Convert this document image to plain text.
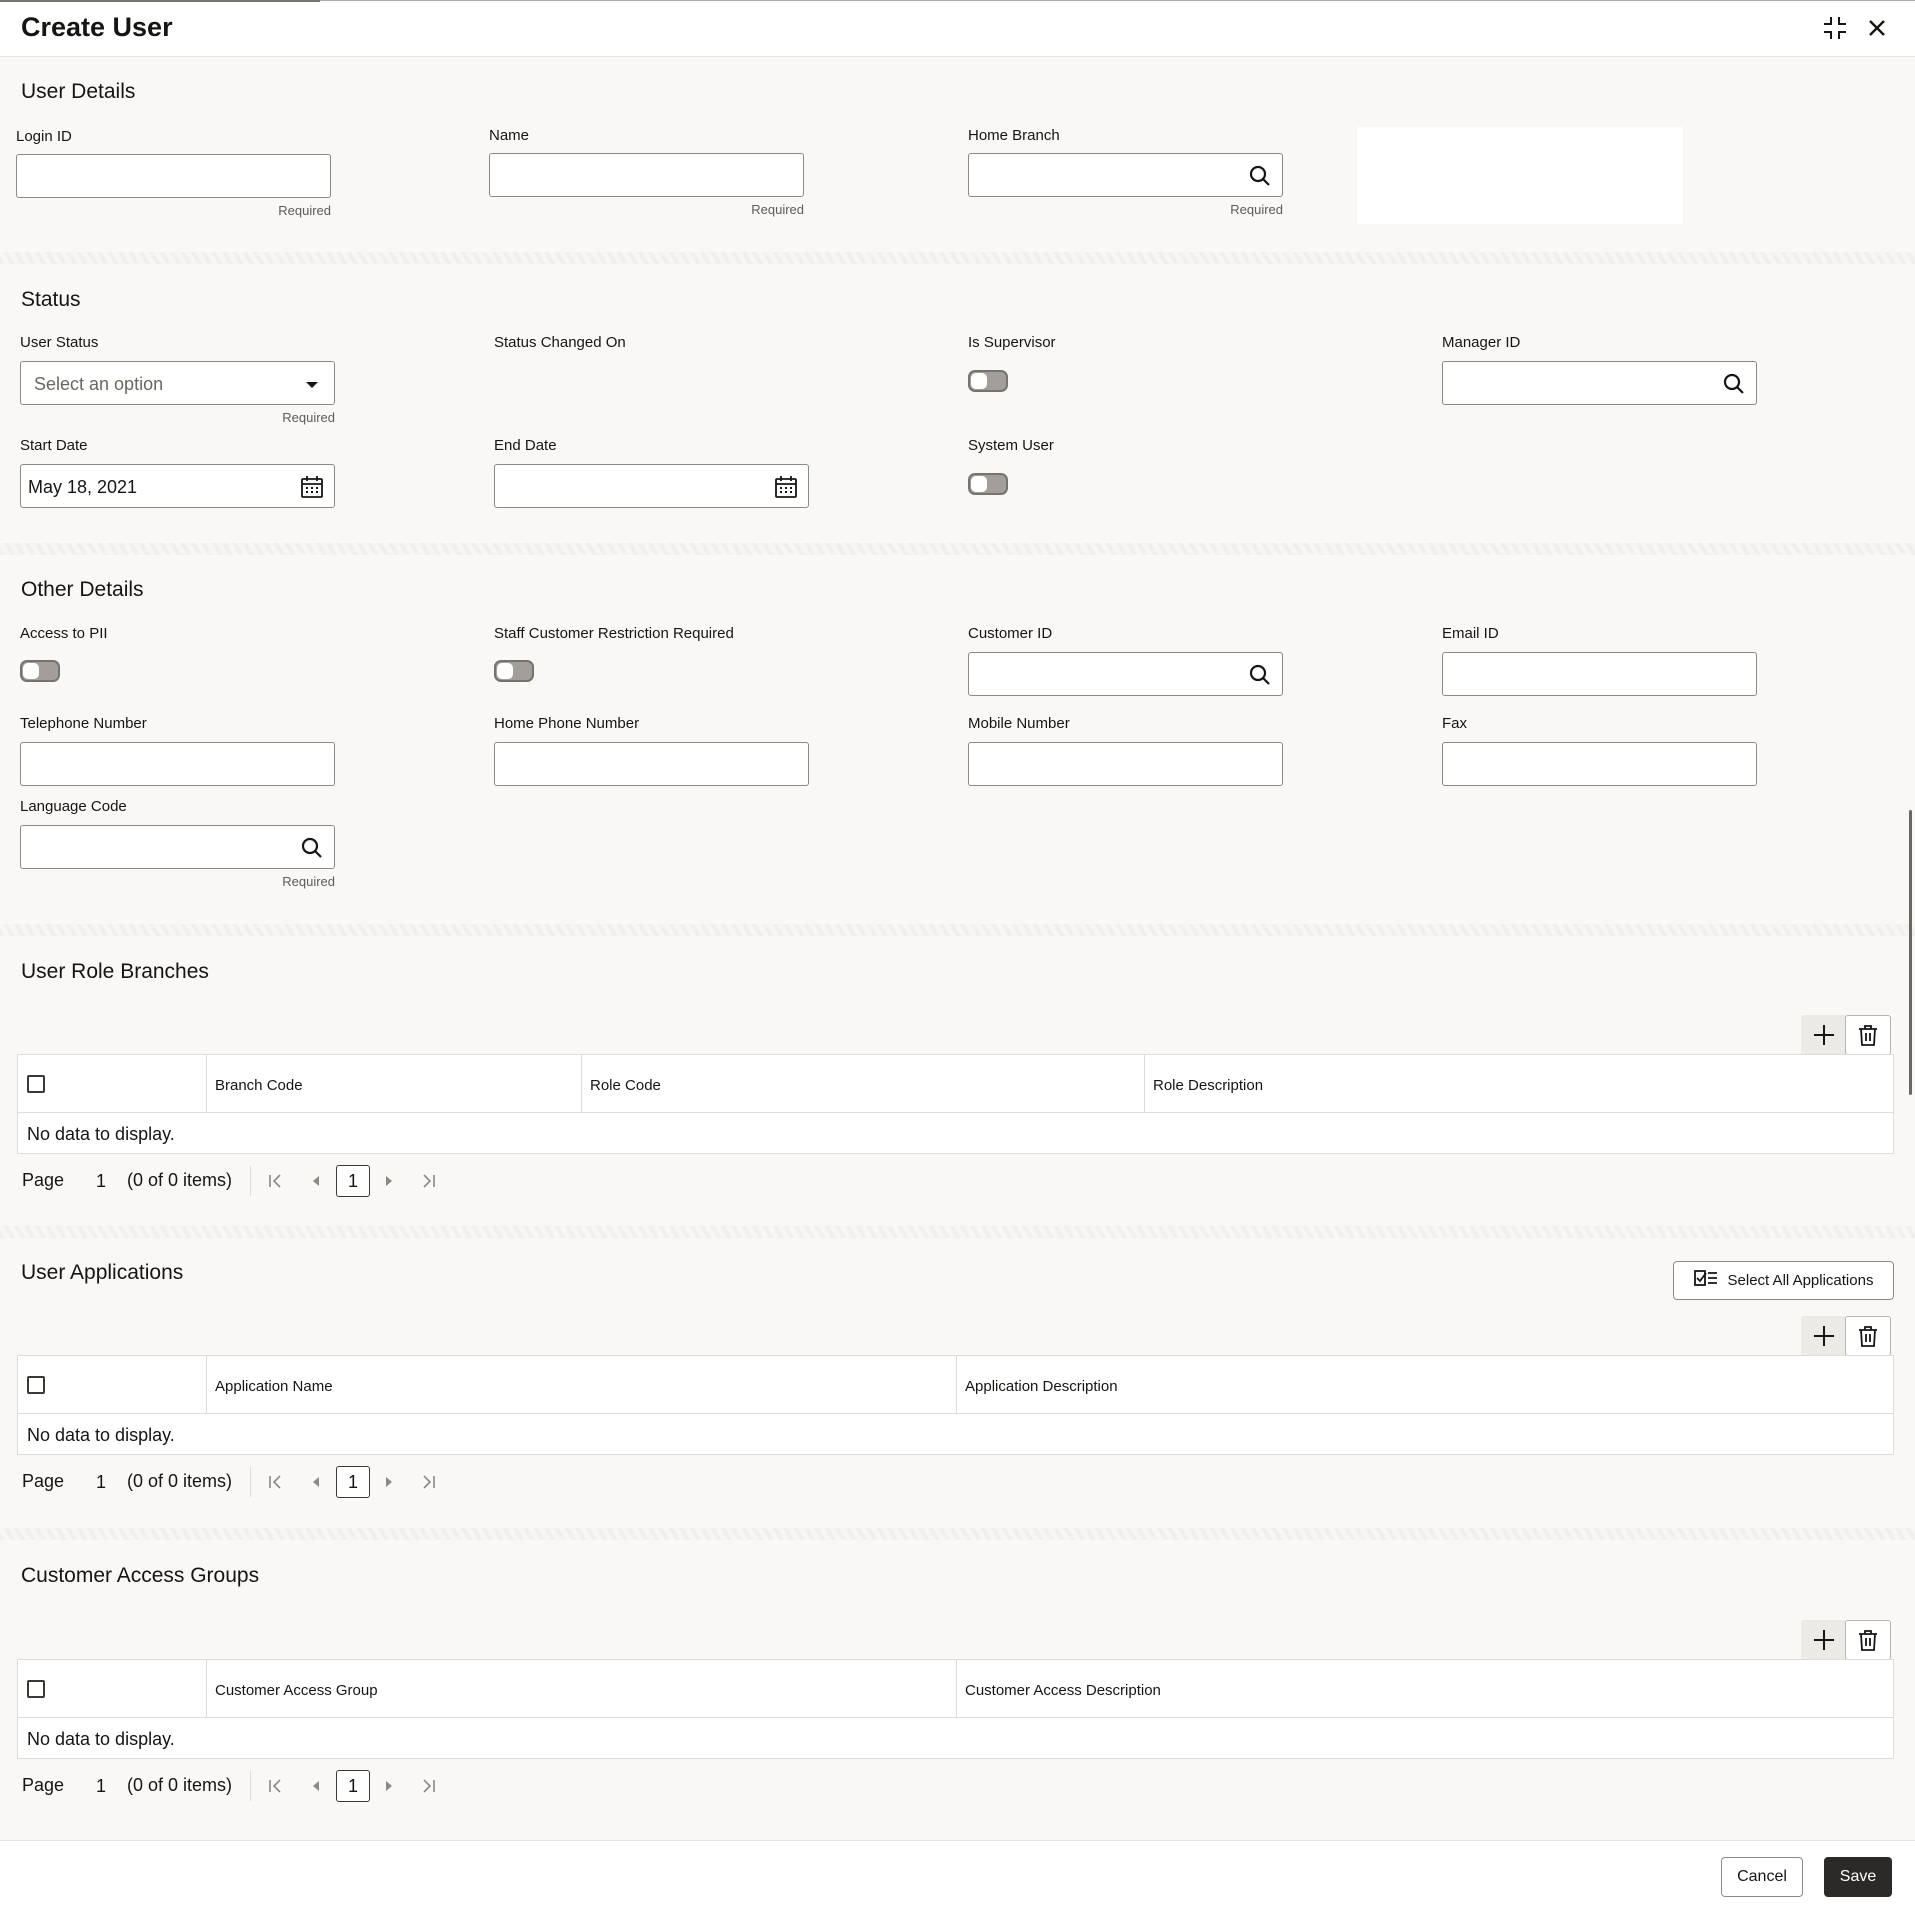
Create User
User Details
Login ID
Required
Name
Required
Home Branch
Required
Status
User Status
Select an option
Required
Status Changed On	Is Supervisor	Manager ID
Start Date
May 18, 2021
End Date	System User
Other Details
Access to PII	Staff Customer Restriction Required	Customer ID	Email ID
Telephone Number	Home Phone Number	Mobile Number	Fax
Language Code
Required
User Role Branches
Branch Code	Role Code	Role Description
No data to display.
Page 1 (0 of 0 items)	1
User Applications	Select All Applications
Application Name	Application Description
No data to display.
Page 1 (0 of 0 items)	1
Customer Access Groups
Customer Access Group	Customer Access Description
No data to display.
Page 1 (0 of 0 items)	1
Cancel	Save
